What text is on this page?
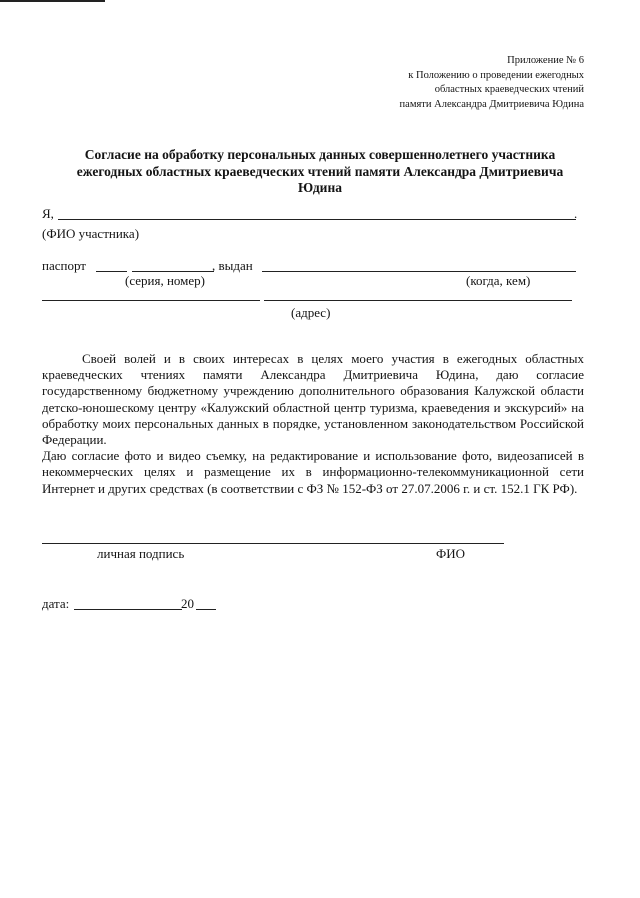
Приложение № 6
к Положению о проведении ежегодных
областных краеведческих чтений
памяти Александра Дмитриевича Юдина
Согласие на обработку персональных данных совершеннолетнего участника
ежегодных областных краеведческих чтений памяти Александра Дмитриевича
Юдина
Я,	.
(ФИО участника)
паспорт	, выдан
(серия, номер)	(когда, кем)
(адрес)

Своей волей и в своих интересах в целях моего участия в ежегодных областных краеведческих чтениях памяти Александра Дмитриевича Юдина, даю согласие государственному бюджетному учреждению дополнительного образования Калужской области детско-юношескому центру «Калужский областной центр туризма, краеведения и экскурсий» на обработку моих персональных данных в порядке, установленном законодательством Российской Федерации.

Даю согласие фото и видео съемку, на редактирование и использование фото, видеозаписей в некоммерческих целях и размещение их в информационно-телекоммуникационной сети Интернет и других средствах (в соответствии с ФЗ № 152-ФЗ от 27.07.2006 г. и ст. 152.1 ГК РФ).

личная подпись	ФИО
дата:	20
